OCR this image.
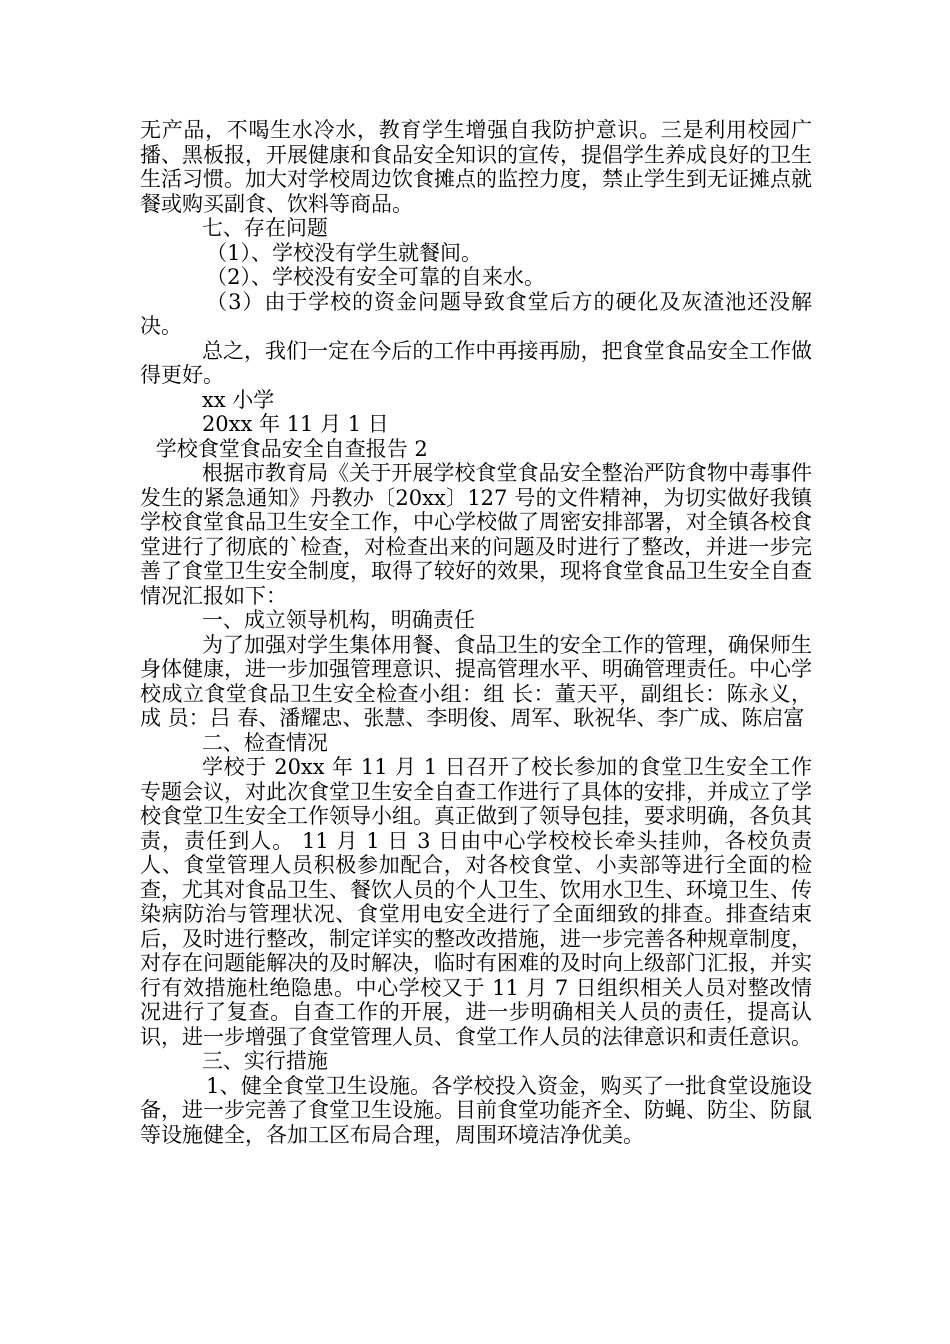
无产品，不喝生水冷水，教育学生增强自我防护意识。三是利用校园广播、黑板报，开展健康和食品安全知识的宣传，提倡学生养成良好的卫生生活习惯。加大对学校周边饮食摊点的监控力度，禁止学生到无证摊点就餐或购买副食、饮料等商品。

七、存在问题

（1）、学校没有学生就餐间。

（2）、学校没有安全可靠的自来水。

（3）由于学校的资金问题导致食堂后方的硬化及灰渣池还没解决。

总之，我们一定在今后的工作中再接再励，把食堂食品安全工作做得更好。

xx 小学

20xx 年 11 月 1 日

学校食堂食品安全自查报告 2

根据市教育局《关于开展学校食堂食品安全整治严防食物中毒事件发生的紧急通知》丹教办〔20xx〕127 号的文件精神，为切实做好我镇学校食堂食品卫生安全工作，中心学校做了周密安排部署，对全镇各校食堂进行了彻底的`检查，对检查出来的问题及时进行了整改，并进一步完善了食堂卫生安全制度，取得了较好的效果，现将食堂食品卫生安全自查情况汇报如下：

一、成立领导机构，明确责任

为了加强对学生集体用餐、食品卫生的安全工作的管理，确保师生身体健康，进一步加强管理意识、提高管理水平、明确管理责任。中心学校成立食堂食品卫生安全检查小组：组 长：董天平，副组长：陈永义，成 员：吕 春、潘耀忠、张慧、李明俊、周军、耿祝华、李广成、陈启富

二、检查情况

学校于 20xx 年 11 月 1 日召开了校长参加的食堂卫生安全工作专题会议，对此次食堂卫生安全自查工作进行了具体的安排，并成立了学校食堂卫生安全工作领导小组。真正做到了领导包挂，要求明确，各负其责，责任到人。 11 月 1 日 3 日由中心学校校长牵头挂帅，各校负责人、食堂管理人员积极参加配合，对各校食堂、小卖部等进行全面的检查，尤其对食品卫生、餐饮人员的个人卫生、饮用水卫生、环境卫生、传染病防治与管理状况、食堂用电安全进行了全面细致的排查。排查结束后，及时进行整改，制定详实的整改改措施，进一步完善各种规章制度，对存在问题能解决的及时解决，临时有困难的及时向上级部门汇报，并实行有效措施杜绝隐患。中心学校又于 11 月 7 日组织相关人员对整改情况进行了复查。自查工作的开展，进一步明确相关人员的责任，提高认识，进一步增强了食堂管理人员、食堂工作人员的法律意识和责任意识。

三、实行措施

1、健全食堂卫生设施。各学校投入资金，购买了一批食堂设施设备，进一步完善了食堂卫生设施。目前食堂功能齐全、防蝇、防尘、防鼠等设施健全，各加工区布局合理，周围环境洁净优美。
